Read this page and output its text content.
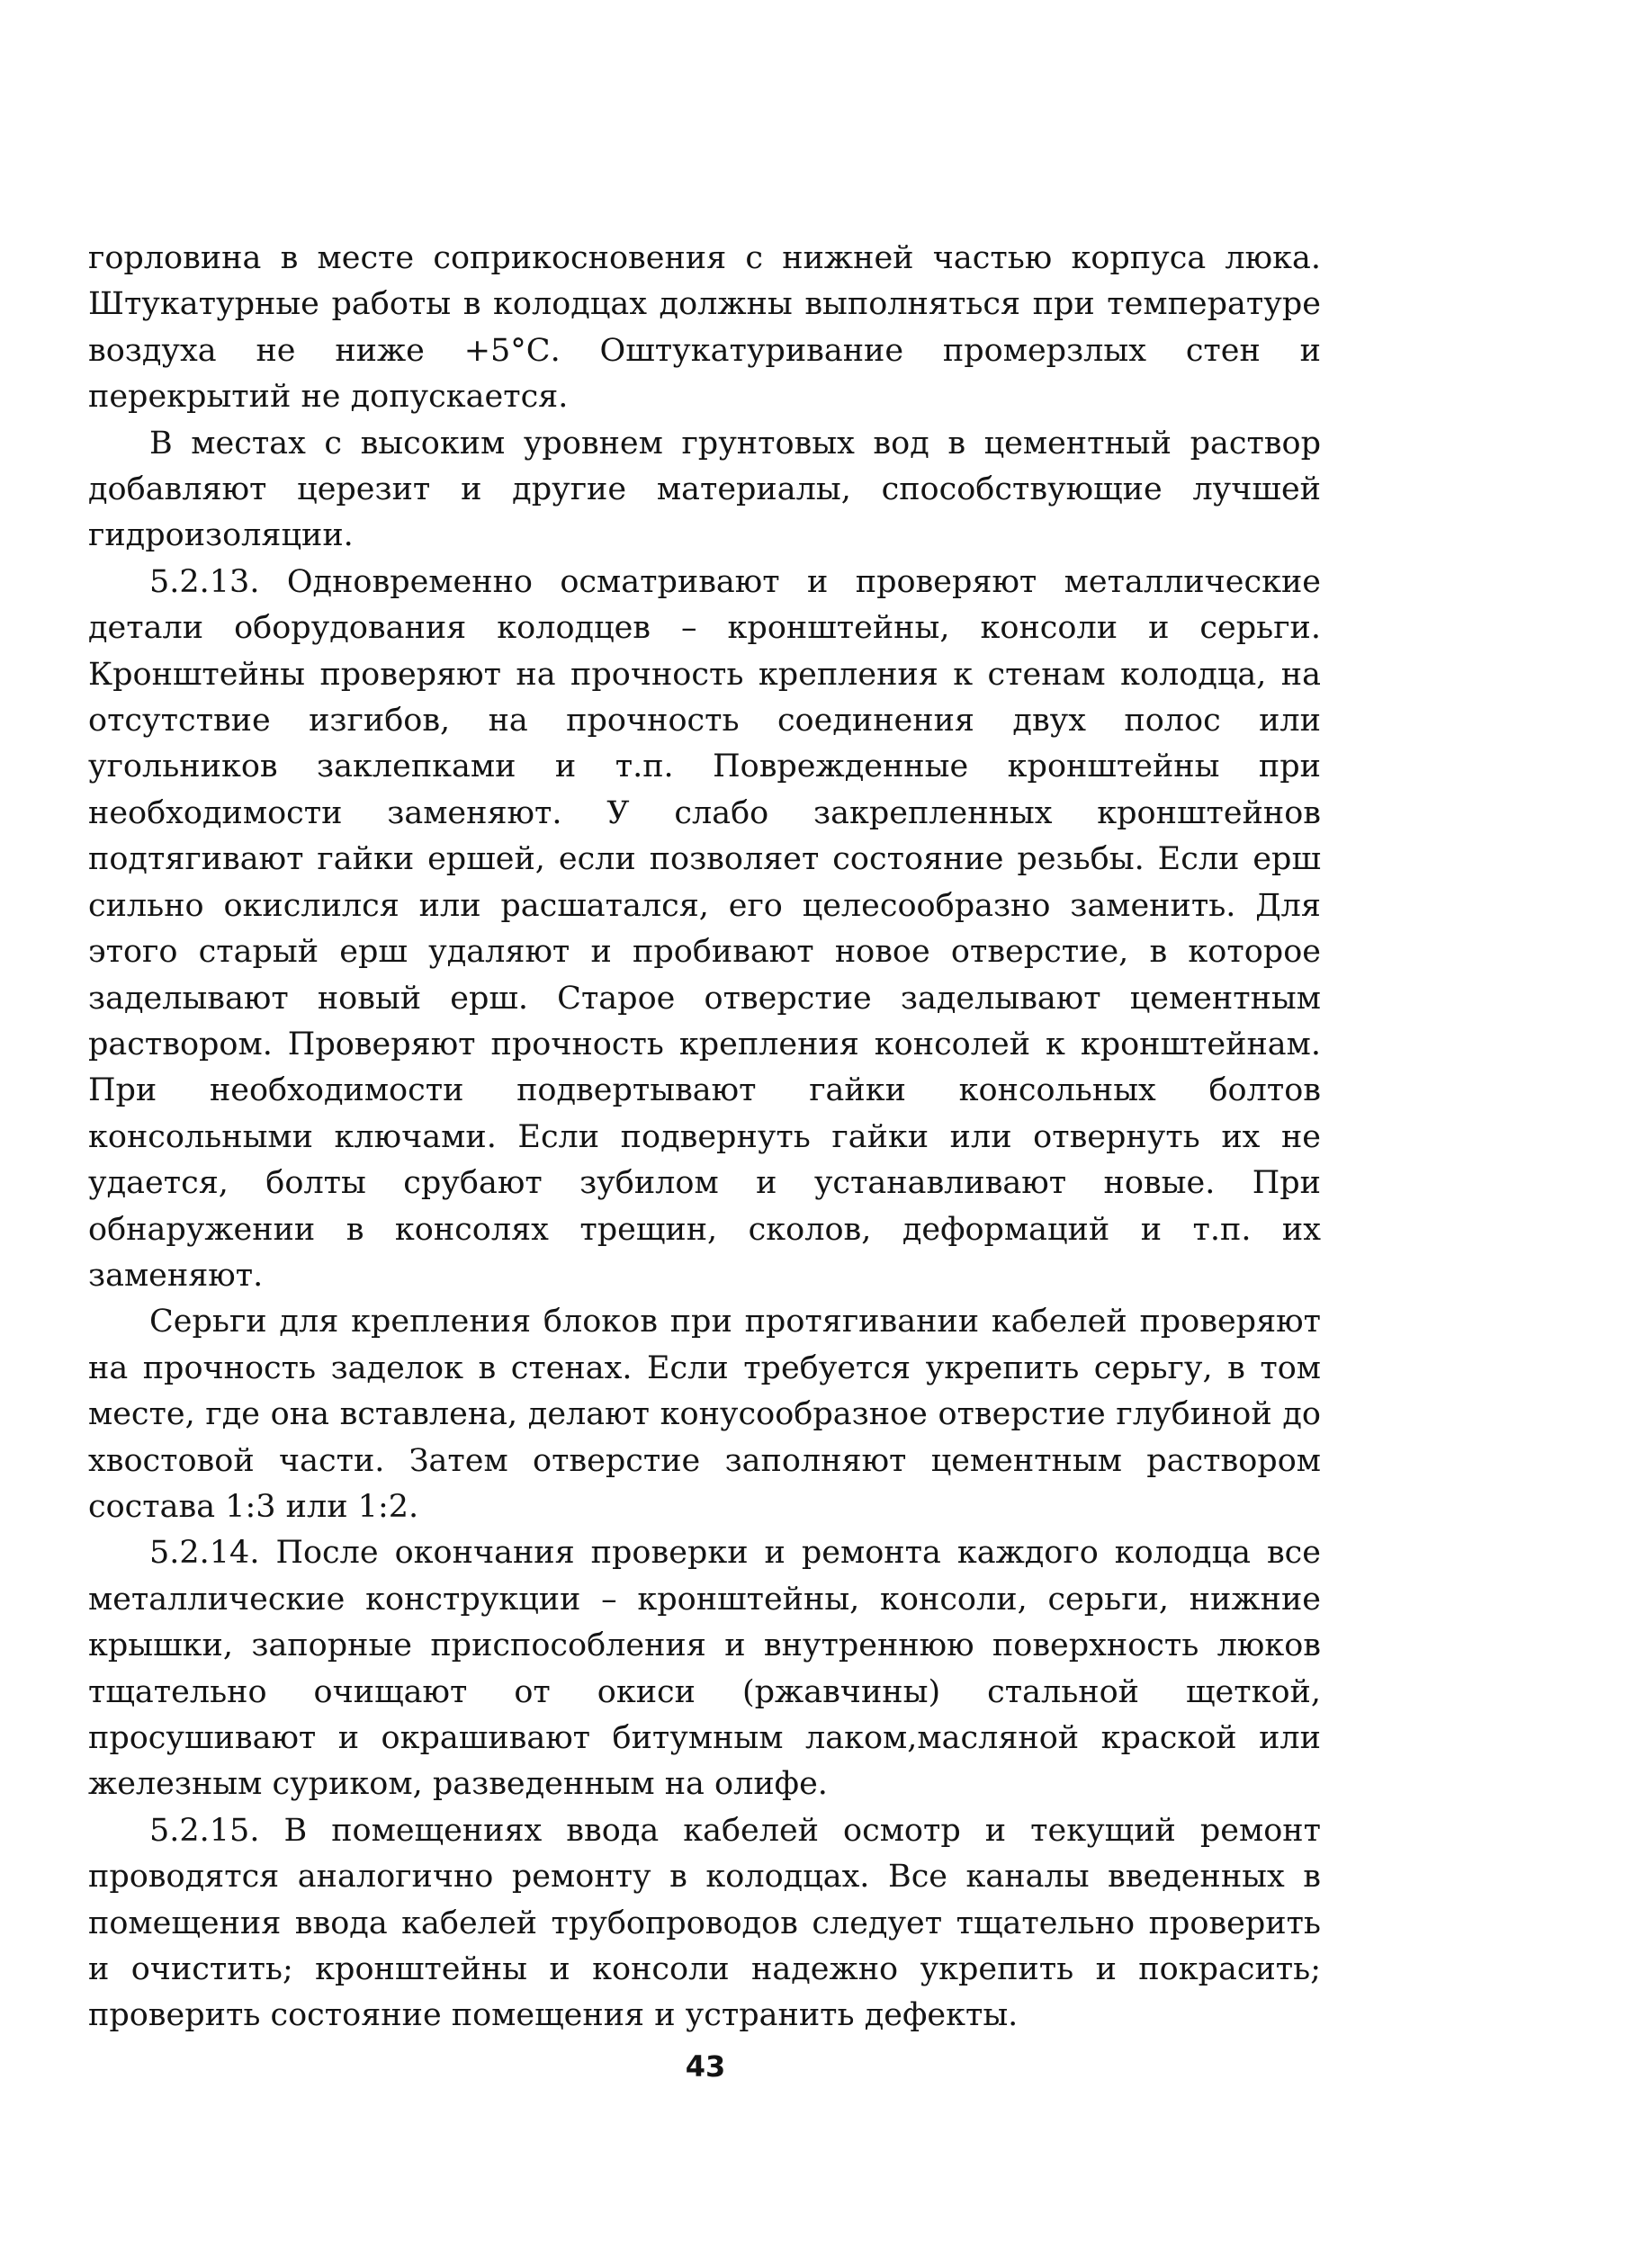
горловина в месте соприкосновения с нижней частью корпуса люка. Штукатурные работы в колодцах должны выполняться при температуре воздуха не ниже +5°С. Оштукатуривание промерзлых стен и перекрытий не допускается.

В местах с высоким уровнем грунтовых вод в цементный раствор добавляют церезит и другие материалы, способствующие лучшей гидроизоляции.

5.2.13. Одновременно осматривают и проверяют металлические детали оборудования колодцев – кронштейны, консоли и серьги. Кронштейны проверяют на прочность крепления к стенам колодца, на отсутствие изгибов, на прочность соединения двух полос или угольников заклепками и т.п. Поврежденные кронштейны при необходимости заменяют. У слабо закрепленных кронштейнов подтягивают гайки ершей, если позволяет состояние резьбы. Если ерш сильно окислился или расшатался, его целесообразно заменить. Для этого старый ерш удаляют и пробивают новое отверстие, в которое заделывают новый ерш. Старое отверстие заделывают цементным раствором. Проверяют прочность крепления консолей к кронштейнам. При необходимости подвертывают гайки консольных болтов консольными ключами. Если подвернуть гайки или отвернуть их не удается, болты срубают зубилом и устанавливают новые. При обнаружении в консолях трещин, сколов, деформаций и т.п. их заменяют.

Серьги для крепления блоков при протягивании кабелей проверяют на прочность заделок в стенах. Если требуется укрепить серьгу, в том месте, где она вставлена, делают конусообразное отверстие глубиной до хвостовой части. Затем отверстие заполняют цементным раствором состава 1:3 или 1:2.

5.2.14. После окончания проверки и ремонта каждого колодца все металлические конструкции – кронштейны, консоли, серьги, нижние крышки, запорные приспособления и внутреннюю поверхность люков тщательно очищают от окиси (ржавчины) стальной щеткой, просушивают и окрашивают битумным лаком,масляной краской или железным суриком, разведенным на олифе.

5.2.15. В помещениях ввода кабелей осмотр и текущий ремонт проводятся аналогично ремонту в колодцах. Все каналы введенных в помещения ввода кабелей трубопроводов следует тщательно проверить и очистить; кронштейны и консоли надежно укрепить и покрасить; проверить состояние помещения и устранить дефекты.

43
